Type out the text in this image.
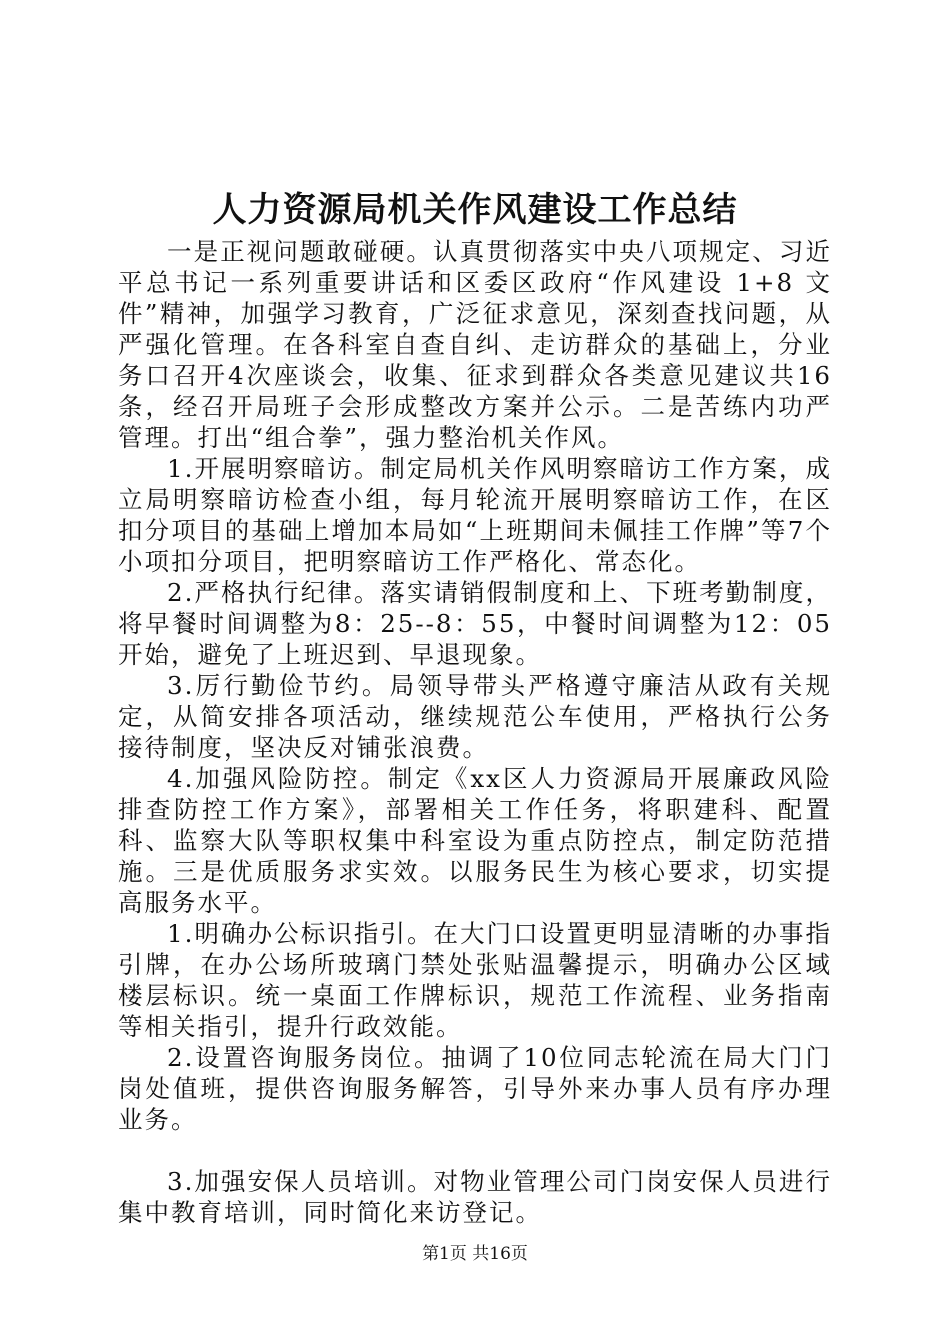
人力资源局机关作风建设工作总结

一是正视问题敢碰硬。认真贯彻落实中央八项规定、习近平总书记一系列重要讲话和区委区政府“作风建设 1+8 文件”精神，加强学习教育，广泛征求意见，深刻查找问题，从严强化管理。在各科室自查自纠、走访群众的基础上，分业务口召开4次座谈会，收集、征求到群众各类意见建议共16条，经召开局班子会形成整改方案并公示。二是苦练内功严管理。打出“组合拳”，强力整治机关作风。

1.开展明察暗访。制定局机关作风明察暗访工作方案，成立局明察暗访检查小组，每月轮流开展明察暗访工作，在区扣分项目的基础上增加本局如“上班期间未佩挂工作牌”等7个小项扣分项目，把明察暗访工作严格化、常态化。

2.严格执行纪律。落实请销假制度和上、下班考勤制度，将早餐时间调整为8：25--8：55，中餐时间调整为12：05开始，避免了上班迟到、早退现象。

3.厉行勤俭节约。局领导带头严格遵守廉洁从政有关规定，从简安排各项活动，继续规范公车使用，严格执行公务接待制度，坚决反对铺张浪费。

4.加强风险防控。制定《xx区人力资源局开展廉政风险排查防控工作方案》，部署相关工作任务，将职建科、配置科、监察大队等职权集中科室设为重点防控点，制定防范措施。三是优质服务求实效。以服务民生为核心要求，切实提高服务水平。

1.明确办公标识指引。在大门口设置更明显清晰的办事指引牌，在办公场所玻璃门禁处张贴温馨提示，明确办公区域楼层标识。统一桌面工作牌标识，规范工作流程、业务指南等相关指引，提升行政效能。

2.设置咨询服务岗位。抽调了10位同志轮流在局大门门岗处值班，提供咨询服务解答，引导外来办事人员有序办理业务。

3.加强安保人员培训。对物业管理公司门岗安保人员进行集中教育培训，同时简化来访登记。

第1页 共16页
